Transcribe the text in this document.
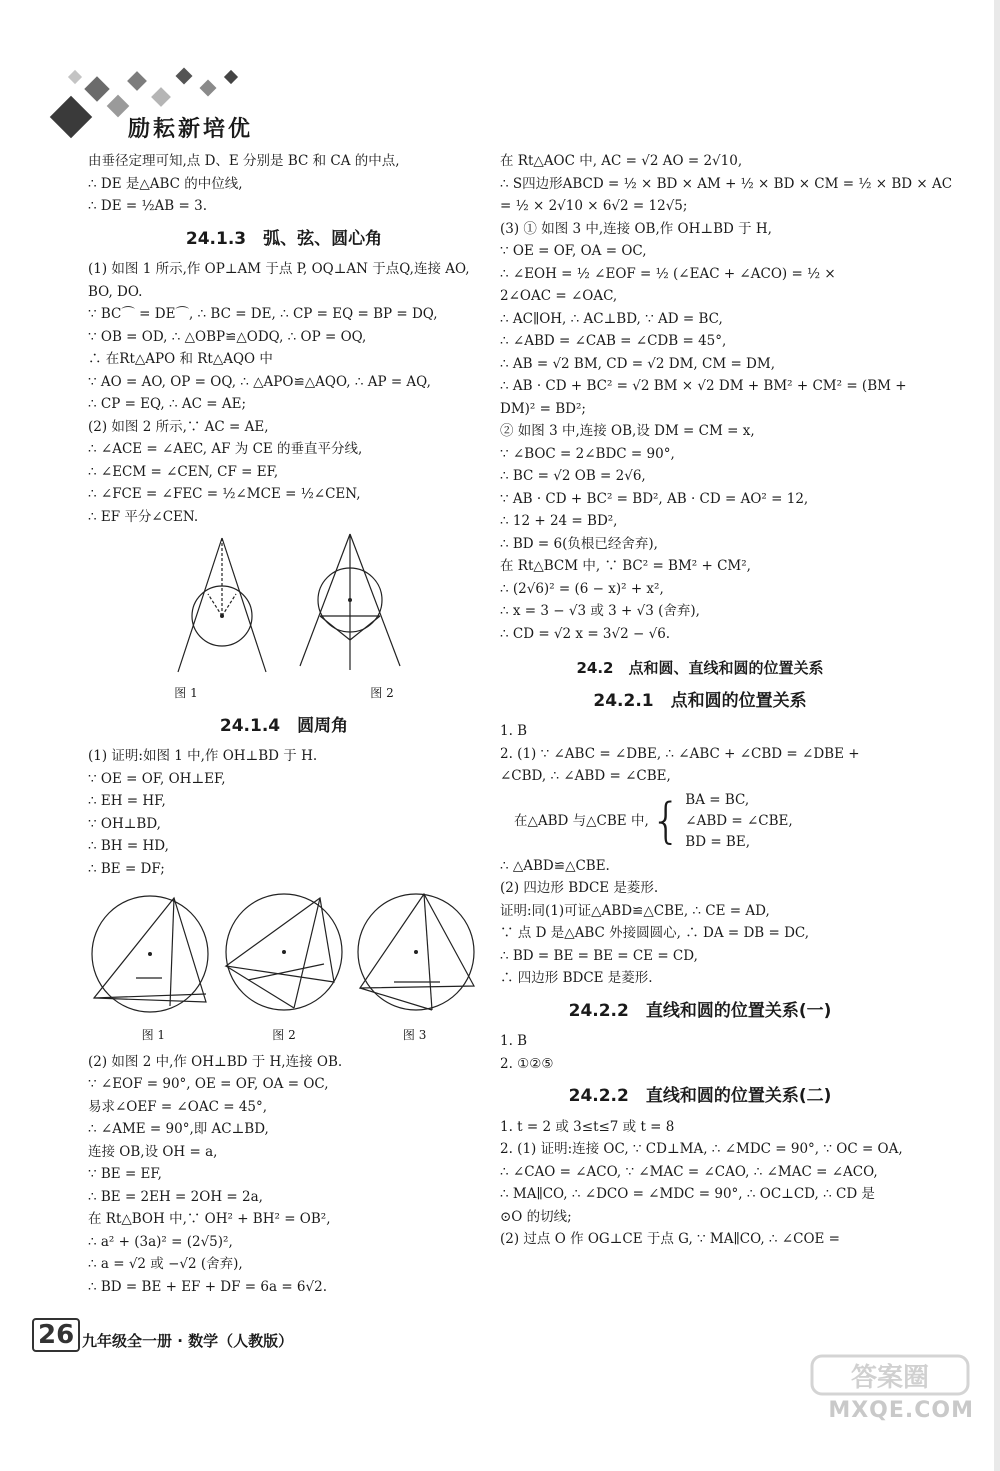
励耘新培优
由垂径定理可知,点 D、E 分别是 BC 和 CA 的中点,
∴ DE 是△ABC 的中位线,
∴ DE = ½AB = 3.
24.1.3　弧、弦、圆心角
(1) 如图 1 所示,作 OP⊥AM 于点 P, OQ⊥AN 于点Q,连接 AO,
BO, DO.
∵ BC⌒ = DE⌒, ∴ BC = DE, ∴ CP = EQ = BP = DQ,
∵ OB = OD, ∴ △OBP≌△ODQ, ∴ OP = OQ,
∴ 在Rt△APO 和 Rt△AQO 中
∵ AO = AO, OP = OQ, ∴ △APO≌△AQO, ∴ AP = AQ,
∴ CP = EQ, ∴ AC = AE;
(2) 如图 2 所示,∵ AC = AE,
∴ ∠ACE = ∠AEC, AF 为 CE 的垂直平分线,
∴ ∠ECM = ∠CEN, CF = EF,
∴ ∠FCE = ∠FEC = ½∠MCE = ½∠CEN,
∴ EF 平分∠CEN.
图 1	图 2
24.1.4　圆周角
(1) 证明:如图 1 中,作 OH⊥BD 于 H.
∵ OE = OF, OH⊥EF,
∴ EH = HF,
∵ OH⊥BD,
∴ BH = HD,
∴ BE = DF;
图 1	图 2	图 3
(2) 如图 2 中,作 OH⊥BD 于 H,连接 OB.
∵ ∠EOF = 90°, OE = OF, OA = OC,
易求∠OEF = ∠OAC = 45°,
∴ ∠AME = 90°,即 AC⊥BD,
连接 OB,设 OH = a,
∵ BE = EF,
∴ BE = 2EH = 2OH = 2a,
在 Rt△BOH 中,∵ OH² + BH² = OB²,
∴ a² + (3a)² = (2√5)²,
∴ a = √2 或 −√2 (舍弃),
∴ BD = BE + EF + DF = 6a = 6√2.
在 Rt△AOC 中, AC = √2 AO = 2√10,
∴ S四边形ABCD = ½ × BD × AM + ½ × BD × CM = ½ × BD × AC
= ½ × 2√10 × 6√2 = 12√5;
(3) ① 如图 3 中,连接 OB,作 OH⊥BD 于 H,
∵ OE = OF, OA = OC,
∴ ∠EOH = ½ ∠EOF = ½ (∠EAC + ∠ACO) = ½ ×
2∠OAC = ∠OAC,
∴ AC∥OH, ∴ AC⊥BD, ∵ AD = BC,
∴ ∠ABD = ∠CAB = ∠CDB = 45°,
∴ AB = √2 BM, CD = √2 DM, CM = DM,
∴ AB · CD + BC² = √2 BM × √2 DM + BM² + CM² = (BM +
DM)² = BD²;
② 如图 3 中,连接 OB,设 DM = CM = x,
∵ ∠BOC = 2∠BDC = 90°,
∴ BC = √2 OB = 2√6,
∵ AB · CD + BC² = BD², AB · CD = AO² = 12,
∴ 12 + 24 = BD²,
∴ BD = 6(负根已经舍弃),
在 Rt△BCM 中, ∵ BC² = BM² + CM²,
∴ (2√6)² = (6 − x)² + x²,
∴ x = 3 − √3 或 3 + √3 (舍弃),
∴ CD = √2 x = 3√2 − √6.
24.2　点和圆、直线和圆的位置关系
24.2.1　点和圆的位置关系
1. B
2. (1) ∵ ∠ABC = ∠DBE, ∴ ∠ABC + ∠CBD = ∠DBE +
∠CBD, ∴ ∠ABD = ∠CBE,
在△ABD 与△CBE 中, { BA = BC,
∠ABD = ∠CBE,
BD = BE,
∴ △ABD≌△CBE.
(2) 四边形 BDCE 是菱形.
证明:同(1)可证△ABD≌△CBE, ∴ CE = AD,
∵ 点 D 是△ABC 外接圆圆心, ∴ DA = DB = DC,
∴ BD = BE = BE = CE = CD,
∴ 四边形 BDCE 是菱形.
24.2.2　直线和圆的位置关系(一)
1. B
2. ①②⑤
24.2.2　直线和圆的位置关系(二)
1. t = 2 或 3≤t≤7 或 t = 8
2. (1) 证明:连接 OC, ∵ CD⊥MA, ∴ ∠MDC = 90°, ∵ OC = OA,
∴ ∠CAO = ∠ACO, ∵ ∠MAC = ∠CAO, ∴ ∠MAC = ∠ACO,
∴ MA∥CO, ∴ ∠DCO = ∠MDC = 90°, ∴ OC⊥CD, ∴ CD 是
⊙O 的切线;
(2) 过点 O 作 OG⊥CE 于点 G, ∵ MA∥CO, ∴ ∠COE =
26 九年级全一册 · 数学（人教版）
答案圈
MXQE.COM
